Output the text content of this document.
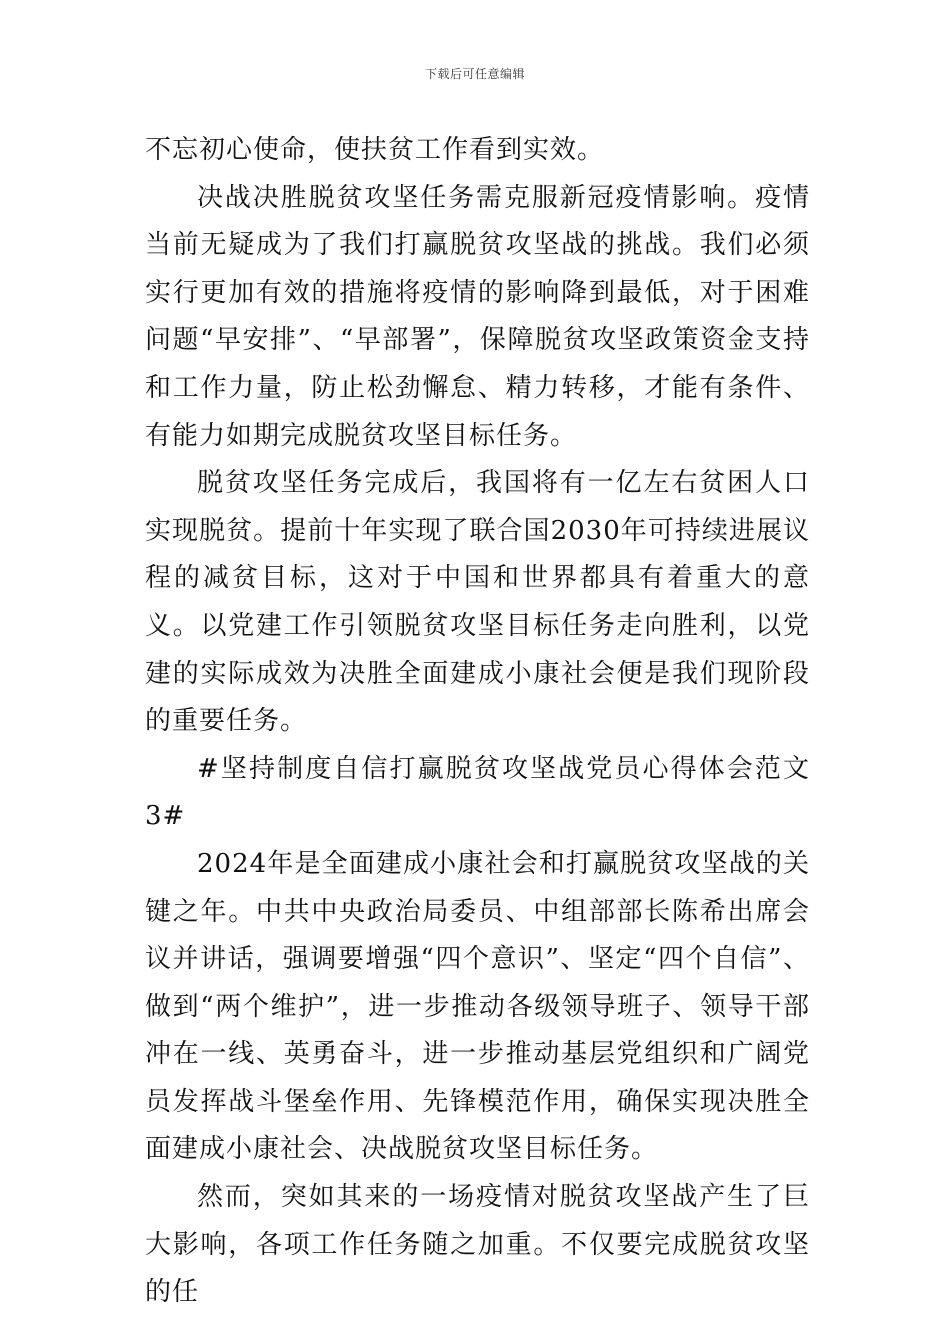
下载后可任意编辑

不忘初心使命，使扶贫工作看到实效。

决战决胜脱贫攻坚任务需克服新冠疫情影响。疫情当前无疑成为了我们打赢脱贫攻坚战的挑战。我们必须实行更加有效的措施将疫情的影响降到最低，对于困难问题“早安排”、“早部署”，保障脱贫攻坚政策资金支持和工作力量，防止松劲懈怠、精力转移，才能有条件、有能力如期完成脱贫攻坚目标任务。

脱贫攻坚任务完成后，我国将有一亿左右贫困人口实现脱贫。提前十年实现了联合国2030年可持续进展议程的减贫目标，这对于中国和世界都具有着重大的意义。以党建工作引领脱贫攻坚目标任务走向胜利，以党建的实际成效为决胜全面建成小康社会便是我们现阶段的重要任务。

#坚持制度自信打赢脱贫攻坚战党员心得体会范文3#

2024年是全面建成小康社会和打赢脱贫攻坚战的关键之年。中共中央政治局委员、中组部部长陈希出席会议并讲话，强调要增强“四个意识”、坚定“四个自信”、做到“两个维护”，进一步推动各级领导班子、领导干部冲在一线、英勇奋斗，进一步推动基层党组织和广阔党员发挥战斗堡垒作用、先锋模范作用，确保实现决胜全面建成小康社会、决战脱贫攻坚目标任务。

然而，突如其来的一场疫情对脱贫攻坚战产生了巨大影响，各项工作任务随之加重。不仅要完成脱贫攻坚的任
